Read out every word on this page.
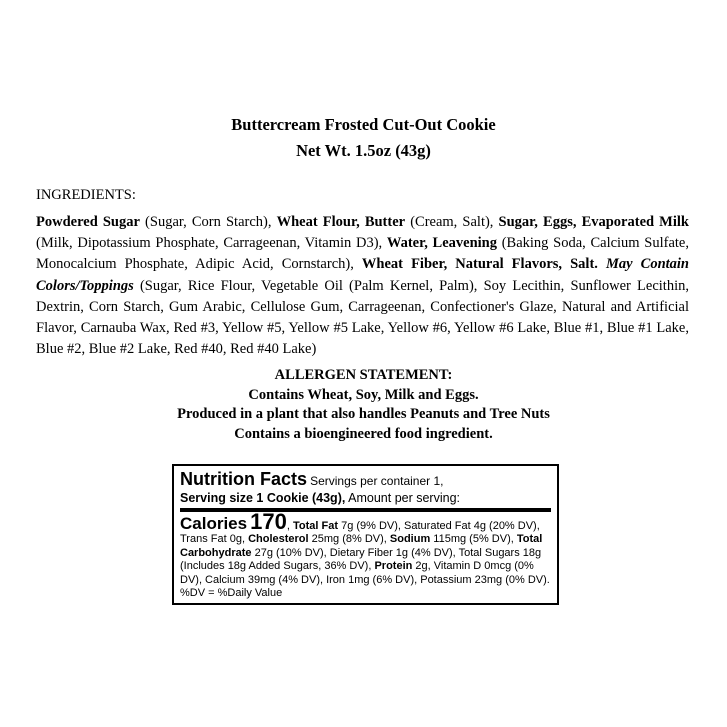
Buttercream Frosted Cut-Out Cookie
Net Wt. 1.5oz (43g)
INGREDIENTS:
Powdered Sugar (Sugar, Corn Starch), Wheat Flour, Butter (Cream, Salt), Sugar, Eggs, Evaporated Milk (Milk, Dipotassium Phosphate, Carrageenan, Vitamin D3), Water, Leavening (Baking Soda, Calcium Sulfate, Monocalcium Phosphate, Adipic Acid, Cornstarch), Wheat Fiber, Natural Flavors, Salt. May Contain Colors/Toppings (Sugar, Rice Flour, Vegetable Oil (Palm Kernel, Palm), Soy Lecithin, Sunflower Lecithin, Dextrin, Corn Starch, Gum Arabic, Cellulose Gum, Carrageenan, Confectioner's Glaze, Natural and Artificial Flavor, Carnauba Wax, Red #3, Yellow #5, Yellow #5 Lake, Yellow #6, Yellow #6 Lake, Blue #1, Blue #1 Lake, Blue #2, Blue #2 Lake, Red #40, Red #40 Lake)
ALLERGEN STATEMENT:
Contains Wheat, Soy, Milk and Eggs.
Produced in a plant that also handles Peanuts and Tree Nuts
Contains a bioengineered food ingredient.
Nutrition Facts Servings per container 1,
Serving size 1 Cookie (43g), Amount per serving:
Calories 170, Total Fat 7g (9% DV), Saturated Fat 4g (20% DV), Trans Fat 0g, Cholesterol 25mg (8% DV), Sodium 115mg (5% DV), Total Carbohydrate 27g (10% DV), Dietary Fiber 1g (4% DV), Total Sugars 18g (Includes 18g Added Sugars, 36% DV), Protein 2g, Vitamin D 0mcg (0% DV), Calcium 39mg (4% DV), Iron 1mg (6% DV), Potassium 23mg (0% DV). %DV = %Daily Value
